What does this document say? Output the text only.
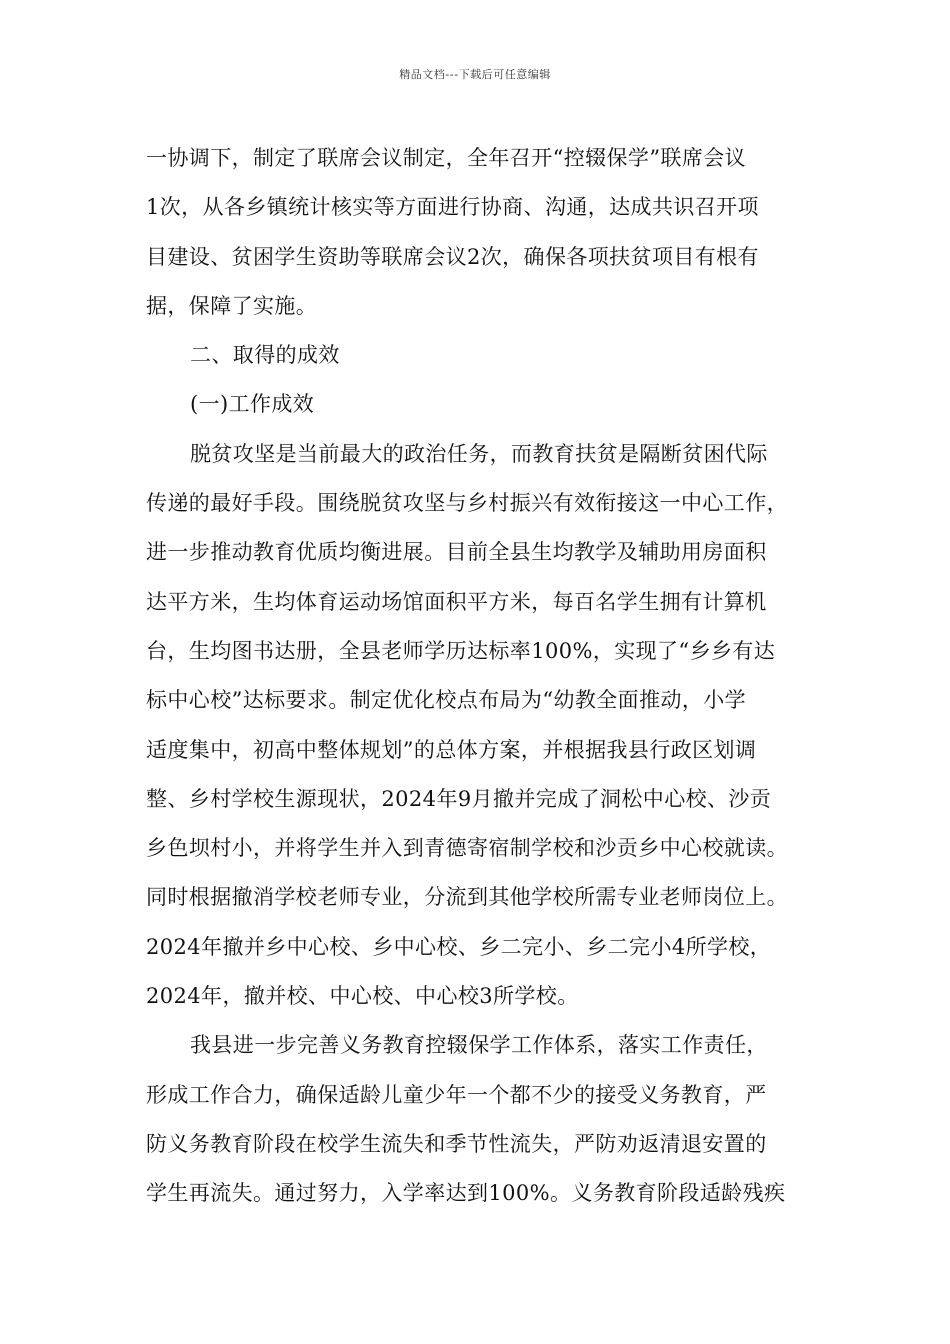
精品文档---下载后可任意编辑
一协调下，制定了联席会议制定，全年召开“控辍保学”联席会议
1次，从各乡镇统计核实等方面进行协商、沟通，达成共识召开项
目建设、贫困学生资助等联席会议2次，确保各项扶贫项目有根有
据，保障了实施。
二、取得的成效
(一)工作成效
脱贫攻坚是当前最大的政治任务，而教育扶贫是隔断贫困代际
传递的最好手段。围绕脱贫攻坚与乡村振兴有效衔接这一中心工作，
进一步推动教育优质均衡进展。目前全县生均教学及辅助用房面积
达平方米，生均体育运动场馆面积平方米，每百名学生拥有计算机
台，生均图书达册，全县老师学历达标率100%，实现了“乡乡有达
标中心校”达标要求。制定优化校点布局为“幼教全面推动，小学
适度集中，初高中整体规划”的总体方案，并根据我县行政区划调
整、乡村学校生源现状，2024年9月撤并完成了洞松中心校、沙贡
乡色坝村小，并将学生并入到青德寄宿制学校和沙贡乡中心校就读。
同时根据撤消学校老师专业，分流到其他学校所需专业老师岗位上。
2024年撤并乡中心校、乡中心校、乡二完小、乡二完小4所学校，
2024年，撤并校、中心校、中心校3所学校。
我县进一步完善义务教育控辍保学工作体系，落实工作责任，
形成工作合力，确保适龄儿童少年一个都不少的接受义务教育，严
防义务教育阶段在校学生流失和季节性流失，严防劝返清退安置的
学生再流失。通过努力，入学率达到100%。义务教育阶段适龄残疾
